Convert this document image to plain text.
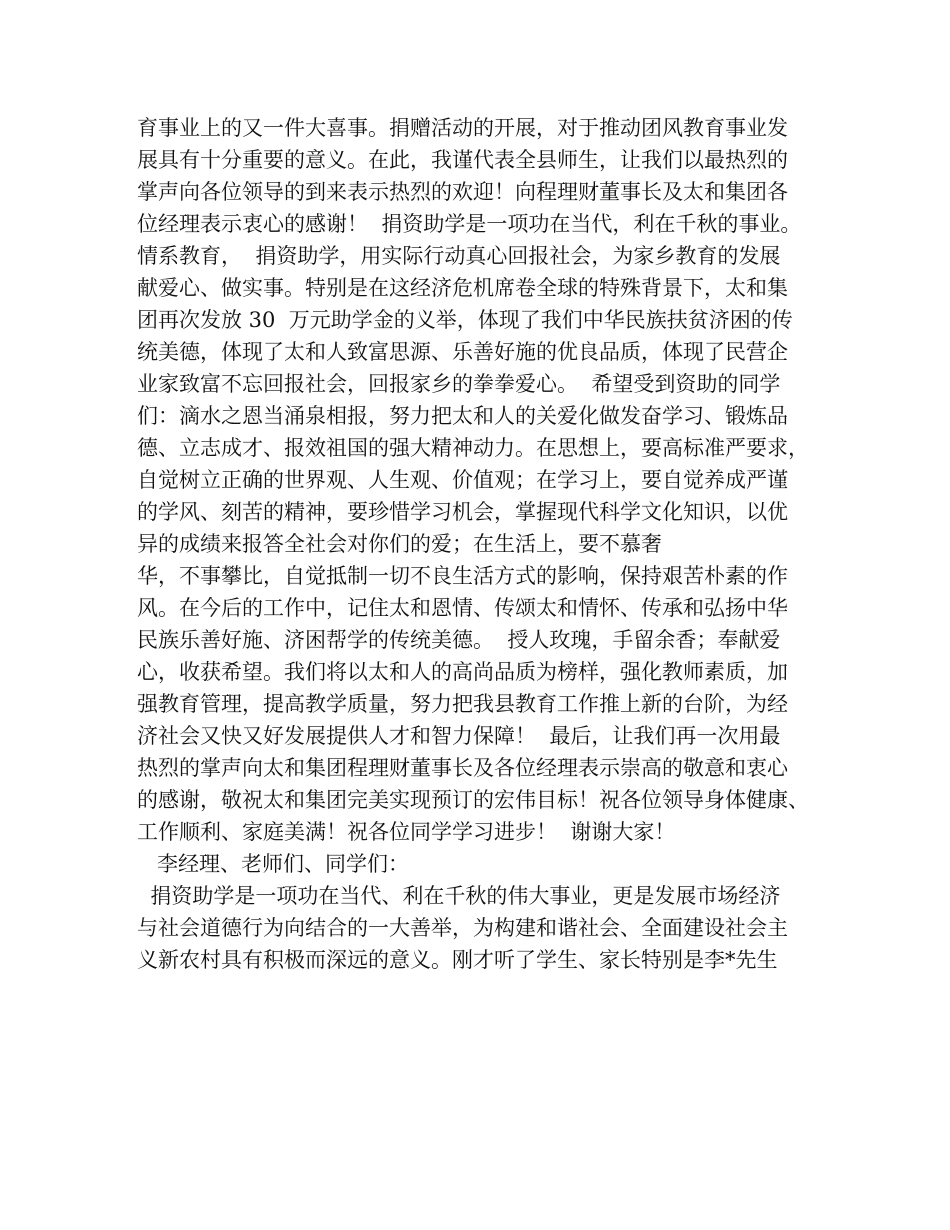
育事业上的又一件大喜事。捐赠活动的开展，对于推动团风教育事业发
展具有十分重要的意义。在此，我谨代表全县师生，让我们以最热烈的
掌声向各位领导的到来表示热烈的欢迎！向程理财董事长及太和集团各
位经理表示衷心的感谢！  捐资助学是一项功在当代，利在千秋的事业。
情系教育，  捐资助学，用实际行动真心回报社会，为家乡教育的发展
献爱心、做实事。特别是在这经济危机席卷全球的特殊背景下，太和集
团再次发放 30  万元助学金的义举，体现了我们中华民族扶贫济困的传
统美德，体现了太和人致富思源、乐善好施的优良品质，体现了民营企
业家致富不忘回报社会，回报家乡的拳拳爱心。  希望受到资助的同学
们：滴水之恩当涌泉相报，努力把太和人的关爱化做发奋学习、锻炼品
德、立志成才、报效祖国的强大精神动力。在思想上，要高标准严要求，
自觉树立正确的世界观、人生观、价值观；在学习上，要自觉养成严谨
的学风、刻苦的精神，要珍惜学习机会，掌握现代科学文化知识，以优
异的成绩来报答全社会对你们的爱；在生活上，要不慕奢
华，不事攀比，自觉抵制一切不良生活方式的影响，保持艰苦朴素的作
风。在今后的工作中，记住太和恩情、传颂太和情怀、传承和弘扬中华
民族乐善好施、济困帮学的传统美德。  授人玫瑰，手留余香；奉献爱
心，收获希望。我们将以太和人的高尚品质为榜样，强化教师素质，加
强教育管理，提高教学质量，努力把我县教育工作推上新的台阶，为经
济社会又快又好发展提供人才和智力保障！  最后，让我们再一次用最
热烈的掌声向太和集团程理财董事长及各位经理表示崇高的敬意和衷心
的感谢，敬祝太和集团完美实现预订的宏伟目标！祝各位领导身体健康、
工作顺利、家庭美满！祝各位同学学习进步！  谢谢大家！
李经理、老师们、同学们：
捐资助学是一项功在当代、利在千秋的伟大事业，更是发展市场经济
与社会道德行为向结合的一大善举，为构建和谐社会、全面建设社会主
义新农村具有积极而深远的意义。刚才听了学生、家长特别是李*先生
